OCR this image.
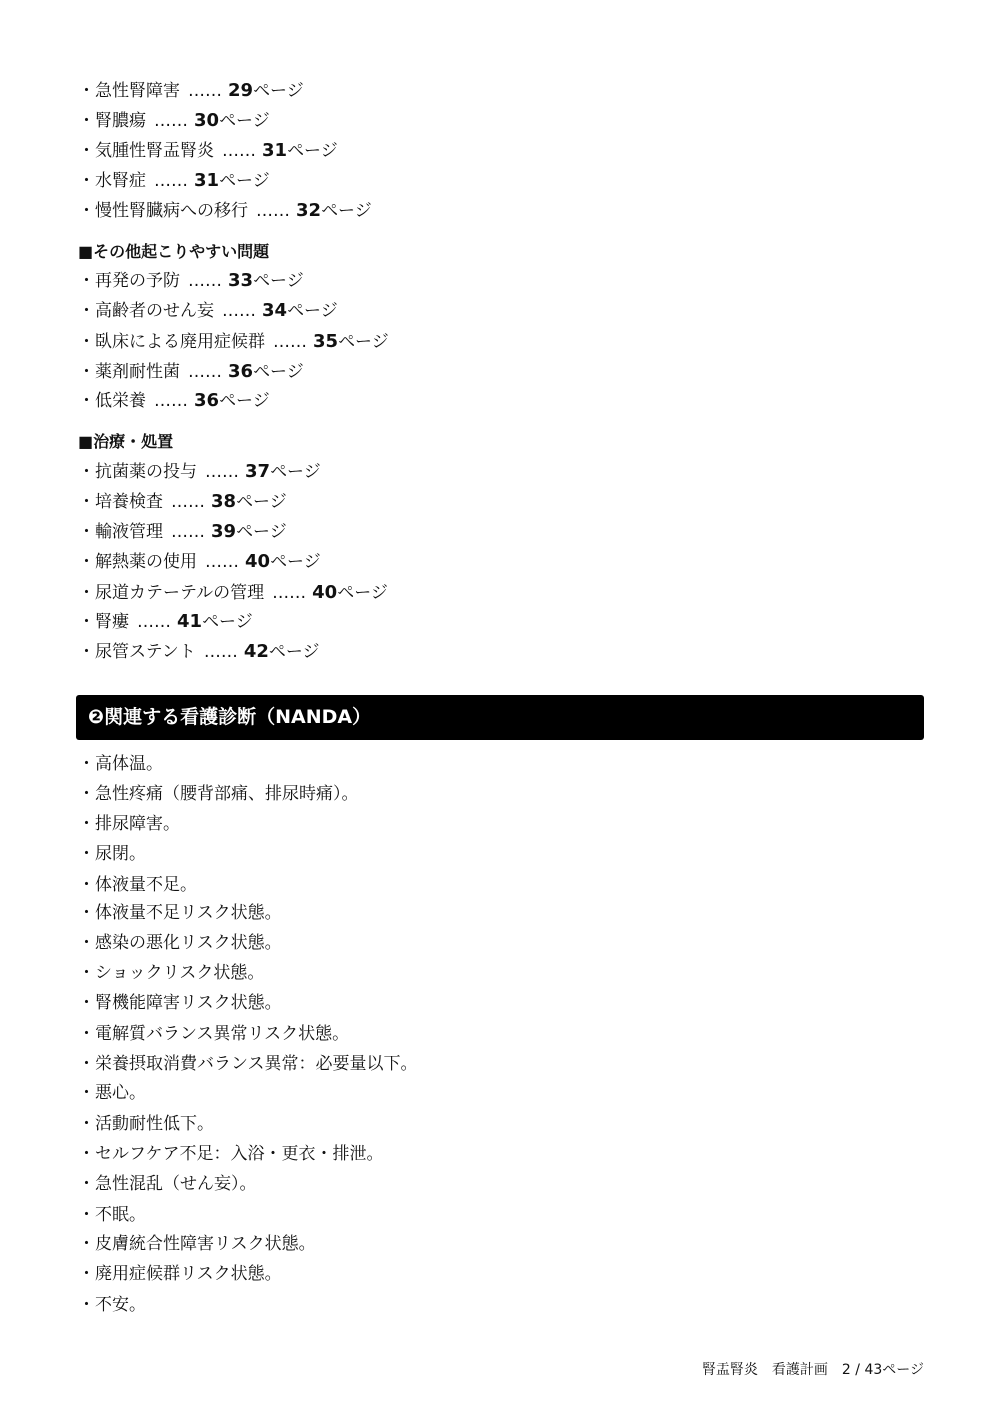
・急性腎障害 …… 29ページ
・腎膿瘍 …… 30ページ
・気腫性腎盂腎炎 …… 31ページ
・水腎症 …… 31ページ
・慢性腎臓病への移行 …… 32ページ
■その他起こりやすい問題
・再発の予防 …… 33ページ
・高齢者のせん妄 …… 34ページ
・臥床による廃用症候群 …… 35ページ
・薬剤耐性菌 …… 36ページ
・低栄養 …… 36ページ
■治療・処置
・抗菌薬の投与 …… 37ページ
・培養検査 …… 38ページ
・輸液管理 …… 39ページ
・解熱薬の使用 …… 40ページ
・尿道カテーテルの管理 …… 40ページ
・腎瘻 …… 41ページ
・尿管ステント …… 42ページ
❷関連する看護診断（NANDA）
・高体温。
・急性疼痛（腰背部痛、排尿時痛）。
・排尿障害。
・尿閉。
・体液量不足。
・体液量不足リスク状態。
・感染の悪化リスク状態。
・ショックリスク状態。
・腎機能障害リスク状態。
・電解質バランス異常リスク状態。
・栄養摂取消費バランス異常：必要量以下。
・悪心。
・活動耐性低下。
・セルフケア不足：入浴・更衣・排泄。
・急性混乱（せん妄）。
・不眠。
・皮膚統合性障害リスク状態。
・廃用症候群リスク状態。
・不安。
腎盂腎炎　看護計画　2 / 43ページ
